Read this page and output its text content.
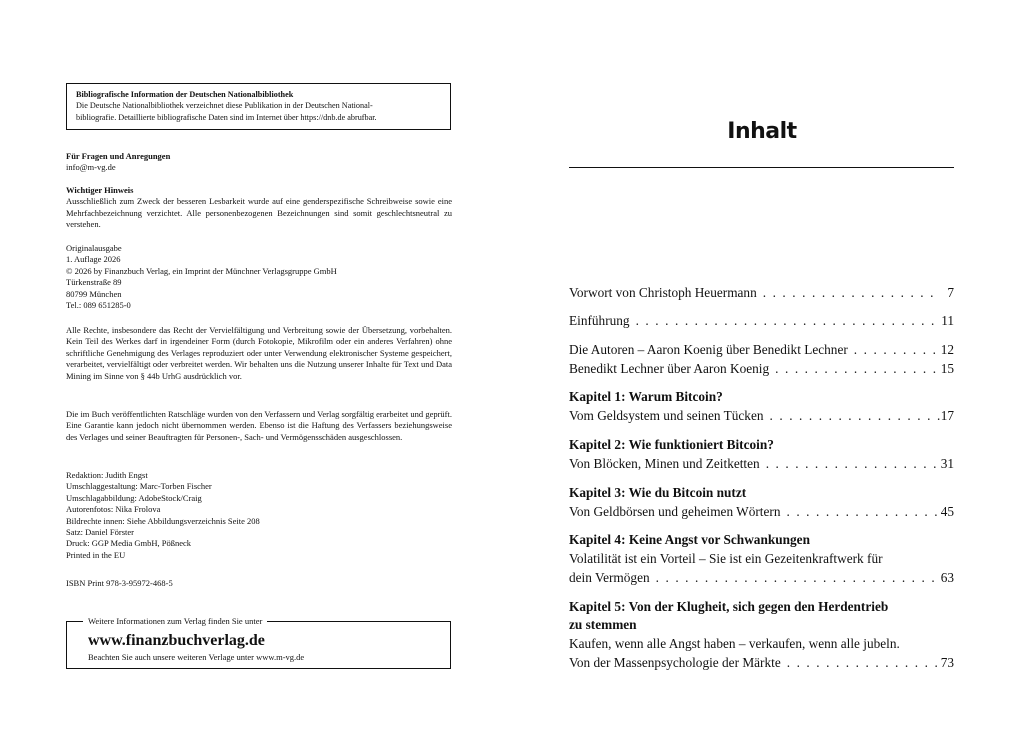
Bibliografische Information der Deutschen Nationalbibliothek
Die Deutsche Nationalbibliothek verzeichnet diese Publikation in der Deutschen National-
bibliografie. Detaillierte bibliografische Daten sind im Internet über https://dnb.de abrufbar.
Für Fragen und Anregungen
info@m-vg.de
Wichtiger Hinweis
Ausschließlich zum Zweck der besseren Lesbarkeit wurde auf eine genderspezifische Schreibweise sowie eine Mehrfachbezeichnung verzichtet. Alle personenbezogenen Bezeichnungen sind somit geschlechtsneutral zu verstehen.
Originalausgabe
1. Auflage 2026
© 2026 by Finanzbuch Verlag, ein Imprint der Münchner Verlagsgruppe GmbH
Türkenstraße 89
80799 München
Tel.: 089 651285-0
Alle Rechte, insbesondere das Recht der Vervielfältigung und Verbreitung sowie der Übersetzung, vorbehalten. Kein Teil des Werkes darf in irgendeiner Form (durch Fotokopie, Mikrofilm oder ein anderes Verfahren) ohne schriftliche Genehmigung des Verlages reproduziert oder unter Verwendung elektronischer Systeme gespeichert, verarbeitet, vervielfältigt oder verbreitet werden. Wir behalten uns die Nutzung unserer Inhalte für Text und Data Mining im Sinne von § 44b UrhG ausdrücklich vor.
Die im Buch veröffentlichten Ratschläge wurden von den Verfassern und Verlag sorgfältig erarbeitet und geprüft. Eine Garantie kann jedoch nicht übernommen werden. Ebenso ist die Haftung des Verfassers beziehungsweise des Verlages und seiner Beauftragten für Personen-, Sach- und Vermögensschäden ausgeschlossen.
Redaktion: Judith Engst
Umschlaggestaltung: Marc-Torben Fischer
Umschlagabbildung: AdobeStock/Craig
Autorenfotos: Nika Frolova
Bildrechte innen: Siehe Abbildungsverzeichnis Seite 208
Satz: Daniel Förster
Druck: GGP Media GmbH, Pößneck
Printed in the EU
ISBN Print 978-3-95972-468-5
Weitere Informationen zum Verlag finden Sie unter
www.finanzbuchverlag.de
Beachten Sie auch unsere weiteren Verlage unter www.m-vg.de
Inhalt
Vorwort von Christoph Heuermann . . .	7
Einführung . . .	11
Die Autoren – Aaron Koenig über Benedikt Lechner . . .	12
Benedikt Lechner über Aaron Koenig . . .	15
Kapitel 1: Warum Bitcoin?
Vom Geldsystem und seinen Tücken . . .	17
Kapitel 2: Wie funktioniert Bitcoin?
Von Blöcken, Minen und Zeitketten . . .	31
Kapitel 3: Wie du Bitcoin nutzt
Von Geldbörsen und geheimen Wörtern . . .	45
Kapitel 4: Keine Angst vor Schwankungen
Volatilität ist ein Vorteil – Sie ist ein Gezeitenkraftwerk für
dein Vermögen . . .	63
Kapitel 5: Von der Klugheit, sich gegen den Herdentrieb
zu stemmen
Kaufen, wenn alle Angst haben – verkaufen, wenn alle jubeln.
Von der Massenpsychologie der Märkte . . .	73
